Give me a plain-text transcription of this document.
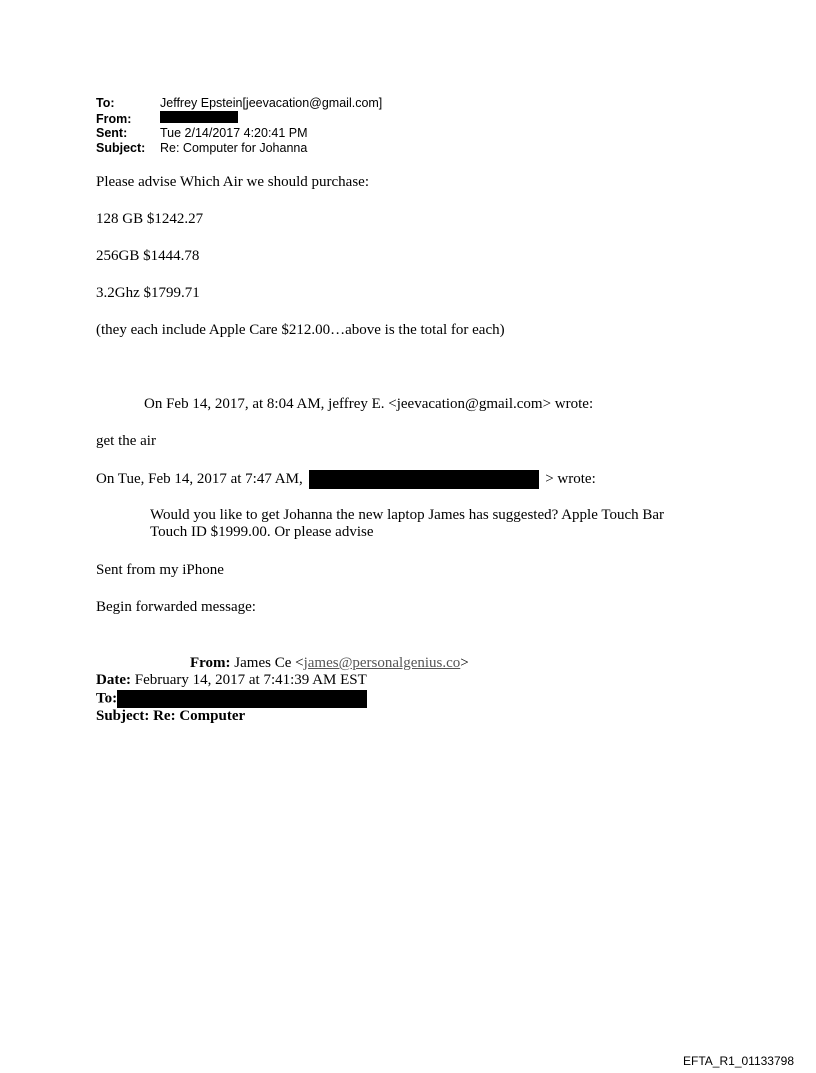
To:	Jeffrey Epstein[jeevacation@gmail.com]
From:
Sent:	Tue 2/14/2017 4:20:41 PM
Subject:	Re: Computer for Johanna
Please advise Which Air we should purchase:
128 GB $1242.27
256GB $1444.78
3.2Ghz $1799.71
(they each include Apple Care $212.00…above is the total for each)
On Feb 14, 2017, at 8:04 AM, jeffrey E. <jeevacation@gmail.com> wrote:
get the air
On Tue, Feb 14, 2017 at 7:47 AM,	> wrote:
Would you like to get Johanna the new laptop James has suggested? Apple Touch Bar Touch ID $1999.00. Or please advise
Sent from my iPhone
Begin forwarded message:
From: James Ce <james@personalgenius.co>
Date: February 14, 2017 at 7:41:39 AM EST
To:
Subject: Re: Computer
EFTA_R1_01133798
